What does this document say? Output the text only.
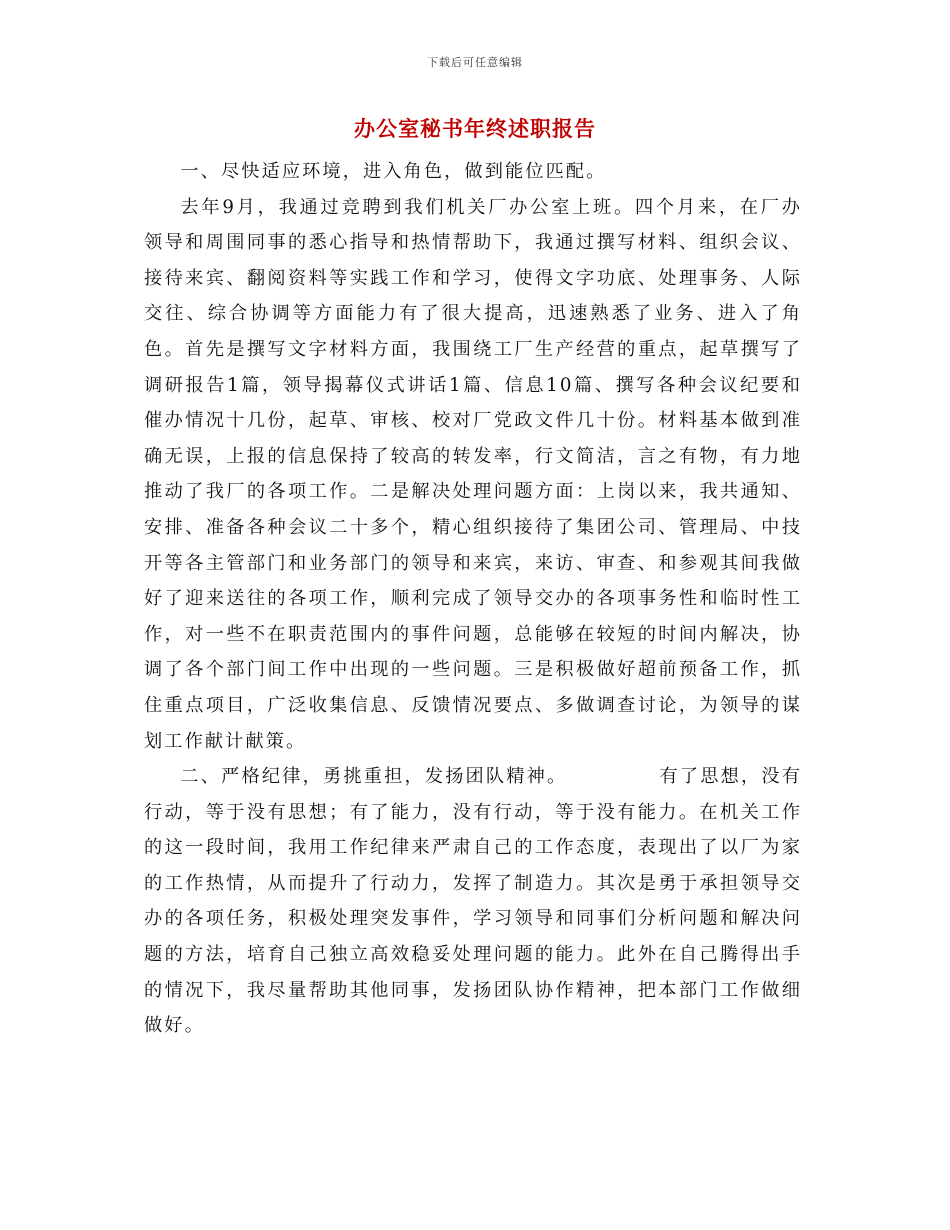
下载后可任意编辑
办公室秘书年终述职报告

一、尽快适应环境，进入角色，做到能位匹配。

去年9月，我通过竞聘到我们机关厂办公室上班。四个月来，在厂办领导和周围同事的悉心指导和热情帮助下，我通过撰写材料、组织会议、接待来宾、翻阅资料等实践工作和学习，使得文字功底、处理事务、人际交往、综合协调等方面能力有了很大提高，迅速熟悉了业务、进入了角色。首先是撰写文字材料方面，我围绕工厂生产经营的重点，起草撰写了调研报告1篇，领导揭幕仪式讲话1篇、信息10篇、撰写各种会议纪要和催办情况十几份，起草、审核、校对厂党政文件几十份。材料基本做到准确无误，上报的信息保持了较高的转发率，行文简洁，言之有物，有力地推动了我厂的各项工作。二是解决处理问题方面：上岗以来，我共通知、安排、准备各种会议二十多个，精心组织接待了集团公司、管理局、中技开等各主管部门和业务部门的领导和来宾，来访、审查、和参观其间我做好了迎来送往的各项工作，顺利完成了领导交办的各项事务性和临时性工作，对一些不在职责范围内的事件问题，总能够在较短的时间内解决，协调了各个部门间工作中出现的一些问题。三是积极做好超前预备工作，抓住重点项目，广泛收集信息、反馈情况要点、多做调查讨论，为领导的谋划工作献计献策。

二、严格纪律，勇挑重担，发扬团队精神。	有了思想，没有行动，等于没有思想；有了能力，没有行动，等于没有能力。在机关工作的这一段时间，我用工作纪律来严肃自己的工作态度，表现出了以厂为家的工作热情，从而提升了行动力，发挥了制造力。其次是勇于承担领导交办的各项任务，积极处理突发事件，学习领导和同事们分析问题和解决问题的方法，培育自己独立高效稳妥处理问题的能力。此外在自己腾得出手的情况下，我尽量帮助其他同事，发扬团队协作精神，把本部门工作做细做好。
